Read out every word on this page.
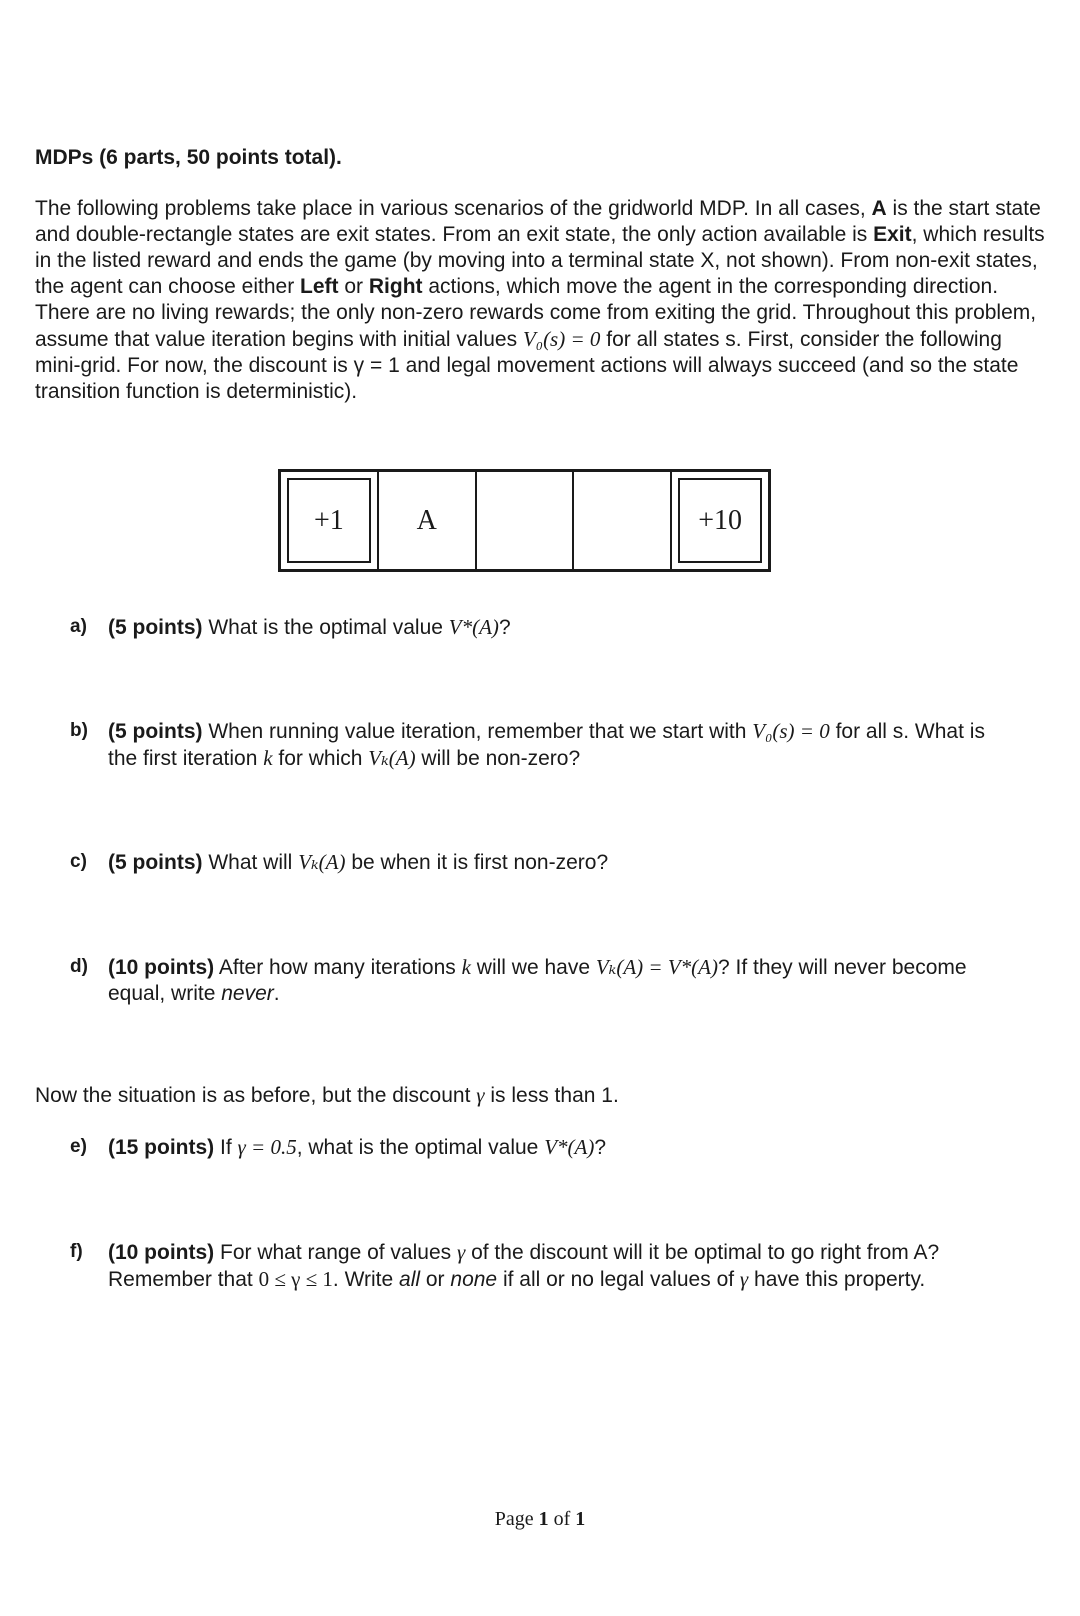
MDPs (6 parts, 50 points total).
The following problems take place in various scenarios of the gridworld MDP. In all cases, A is the start state and double-rectangle states are exit states. From an exit state, the only action available is Exit, which results in the listed reward and ends the game (by moving into a terminal state X, not shown). From non-exit states, the agent can choose either Left or Right actions, which move the agent in the corresponding direction. There are no living rewards; the only non-zero rewards come from exiting the grid. Throughout this problem, assume that value iteration begins with initial values V₀(s) = 0 for all states s. First, consider the following mini-grid. For now, the discount is γ = 1 and legal movement actions will always succeed (and so the state transition function is deterministic).
+1	A	+10
a) (5 points) What is the optimal value V*(A)?
b) (5 points) When running value iteration, remember that we start with V₀(s) = 0 for all s. What is the first iteration k for which Vₖ(A) will be non-zero?
c) (5 points) What will Vₖ(A) be when it is first non-zero?
d) (10 points) After how many iterations k will we have Vₖ(A) = V*(A)? If they will never become equal, write never.
Now the situation is as before, but the discount γ is less than 1.
e) (15 points) If γ = 0.5, what is the optimal value V*(A)?
f) (10 points) For what range of values γ of the discount will it be optimal to go right from A? Remember that 0 ≤ γ ≤ 1. Write all or none if all or no legal values of γ have this property.
Page 1 of 1
